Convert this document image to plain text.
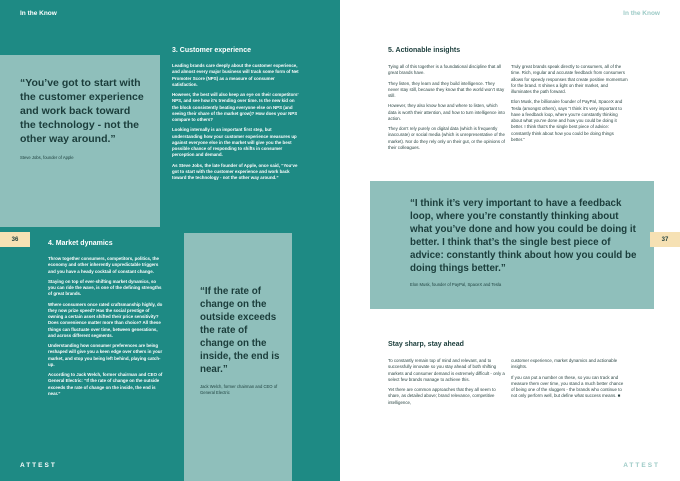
In the Know
“You’ve got to start with the customer experience and work back toward the technology - not the other way around.”
Steve Jobs, founder of Apple
3. Customer experience

Leading brands care deeply about the customer experience, and almost every major business will track some form of Net Promoter Score (NPS) as a measure of consumer satisfaction.

However, the best will also keep an eye on their competitors’ NPS, and see how it’s trending over time. Is the new kid on the block consistently beating everyone else on NPS (and seeing their share of the market grow)? How does your NPS compare to others?

Looking internally is an important first step, but understanding how your customer experience measures up against everyone else in the market will give you the best possible chance of responding to shifts in consumer perception and demand.

As Steve Jobs, the late founder of Apple, once said, “You’ve got to start with the customer experience and work back toward the technology - not the other way around.”

36
4. Market dynamics

Throw together consumers, competitors, politics, the economy and other inherently unpredictable triggers and you have a heady cocktail of constant change.

Staying on top of ever-shifting market dynamics, so you can ride the wave, is one of the defining strengths of great brands.

Where consumers once rated craftsmanship highly, do they now prize speed? Has the social prestige of owning a certain asset shifted their price sensitivity? Does convenience matter more than choice? All these things can fluctuate over time, between generations, and across different segments.

Understanding how consumer preferences are being reshaped will give you a keen edge over others in your market, and stop you being left behind, playing catch-up.

According to Jack Welch, former chairman and CEO of General Electric: “If the rate of change on the outside exceeds the rate of change on the inside, the end is near.”

“If the rate of change on the outside exceeds the rate of change on the inside, the end is near.”
Jack Welch, former chairman and CEO of General Electric
ATTEST
In the Know
5. Actionable insights

Tying all of this together is a foundational discipline that all great brands have.

They listen, they learn and they build intelligence. They never stay still, because they know that the world won’t stay still.

However, they also know how and where to listen, which data is worth their attention, and how to turn intelligence into action.

They don’t rely purely on digital data (which is frequently inaccurate) or social media (which is unrepresentative of the market). Nor do they rely only on their gut, or the opinions of their colleagues.

Truly great brands speak directly to consumers, all of the time. Rich, regular and accurate feedback from consumers allows for speedy responses that create positive momentum for the brand. It shines a light on their market, and illuminates the path forward.

Elon Musk, the billionaire founder of PayPal, SpaceX and Tesla (amongst others), says “I think it’s very important to have a feedback loop, where you’re constantly thinking about what you’ve done and how you could be doing it better. I think that’s the single best piece of advice: constantly think about how you could be doing things better.”

“I think it’s very important to have a feedback loop, where you’re constantly thinking about what you’ve done and how you could be doing it better. I think that’s the single best piece of advice: constantly think about how you could be doing things better.”
Elon Musk, founder of PayPal, SpaceX and Tesla
37
Stay sharp, stay ahead

To constantly remain top of mind and relevant, and to successfully innovate so you stay ahead of both shifting markets and consumer demand is extremely difficult - only a select few brands manage to achieve this.

Yet there are common approaches that they all seem to share, as detailed above; brand relevance, competitive intelligence,

customer experience, market dynamics and actionable insights.

If you can put a number on these, so you can track and measure them over time, you stand a much better chance of being one of the sluggers - the brands who continue to not only perform well, but define what success means. ■

ATTEST
